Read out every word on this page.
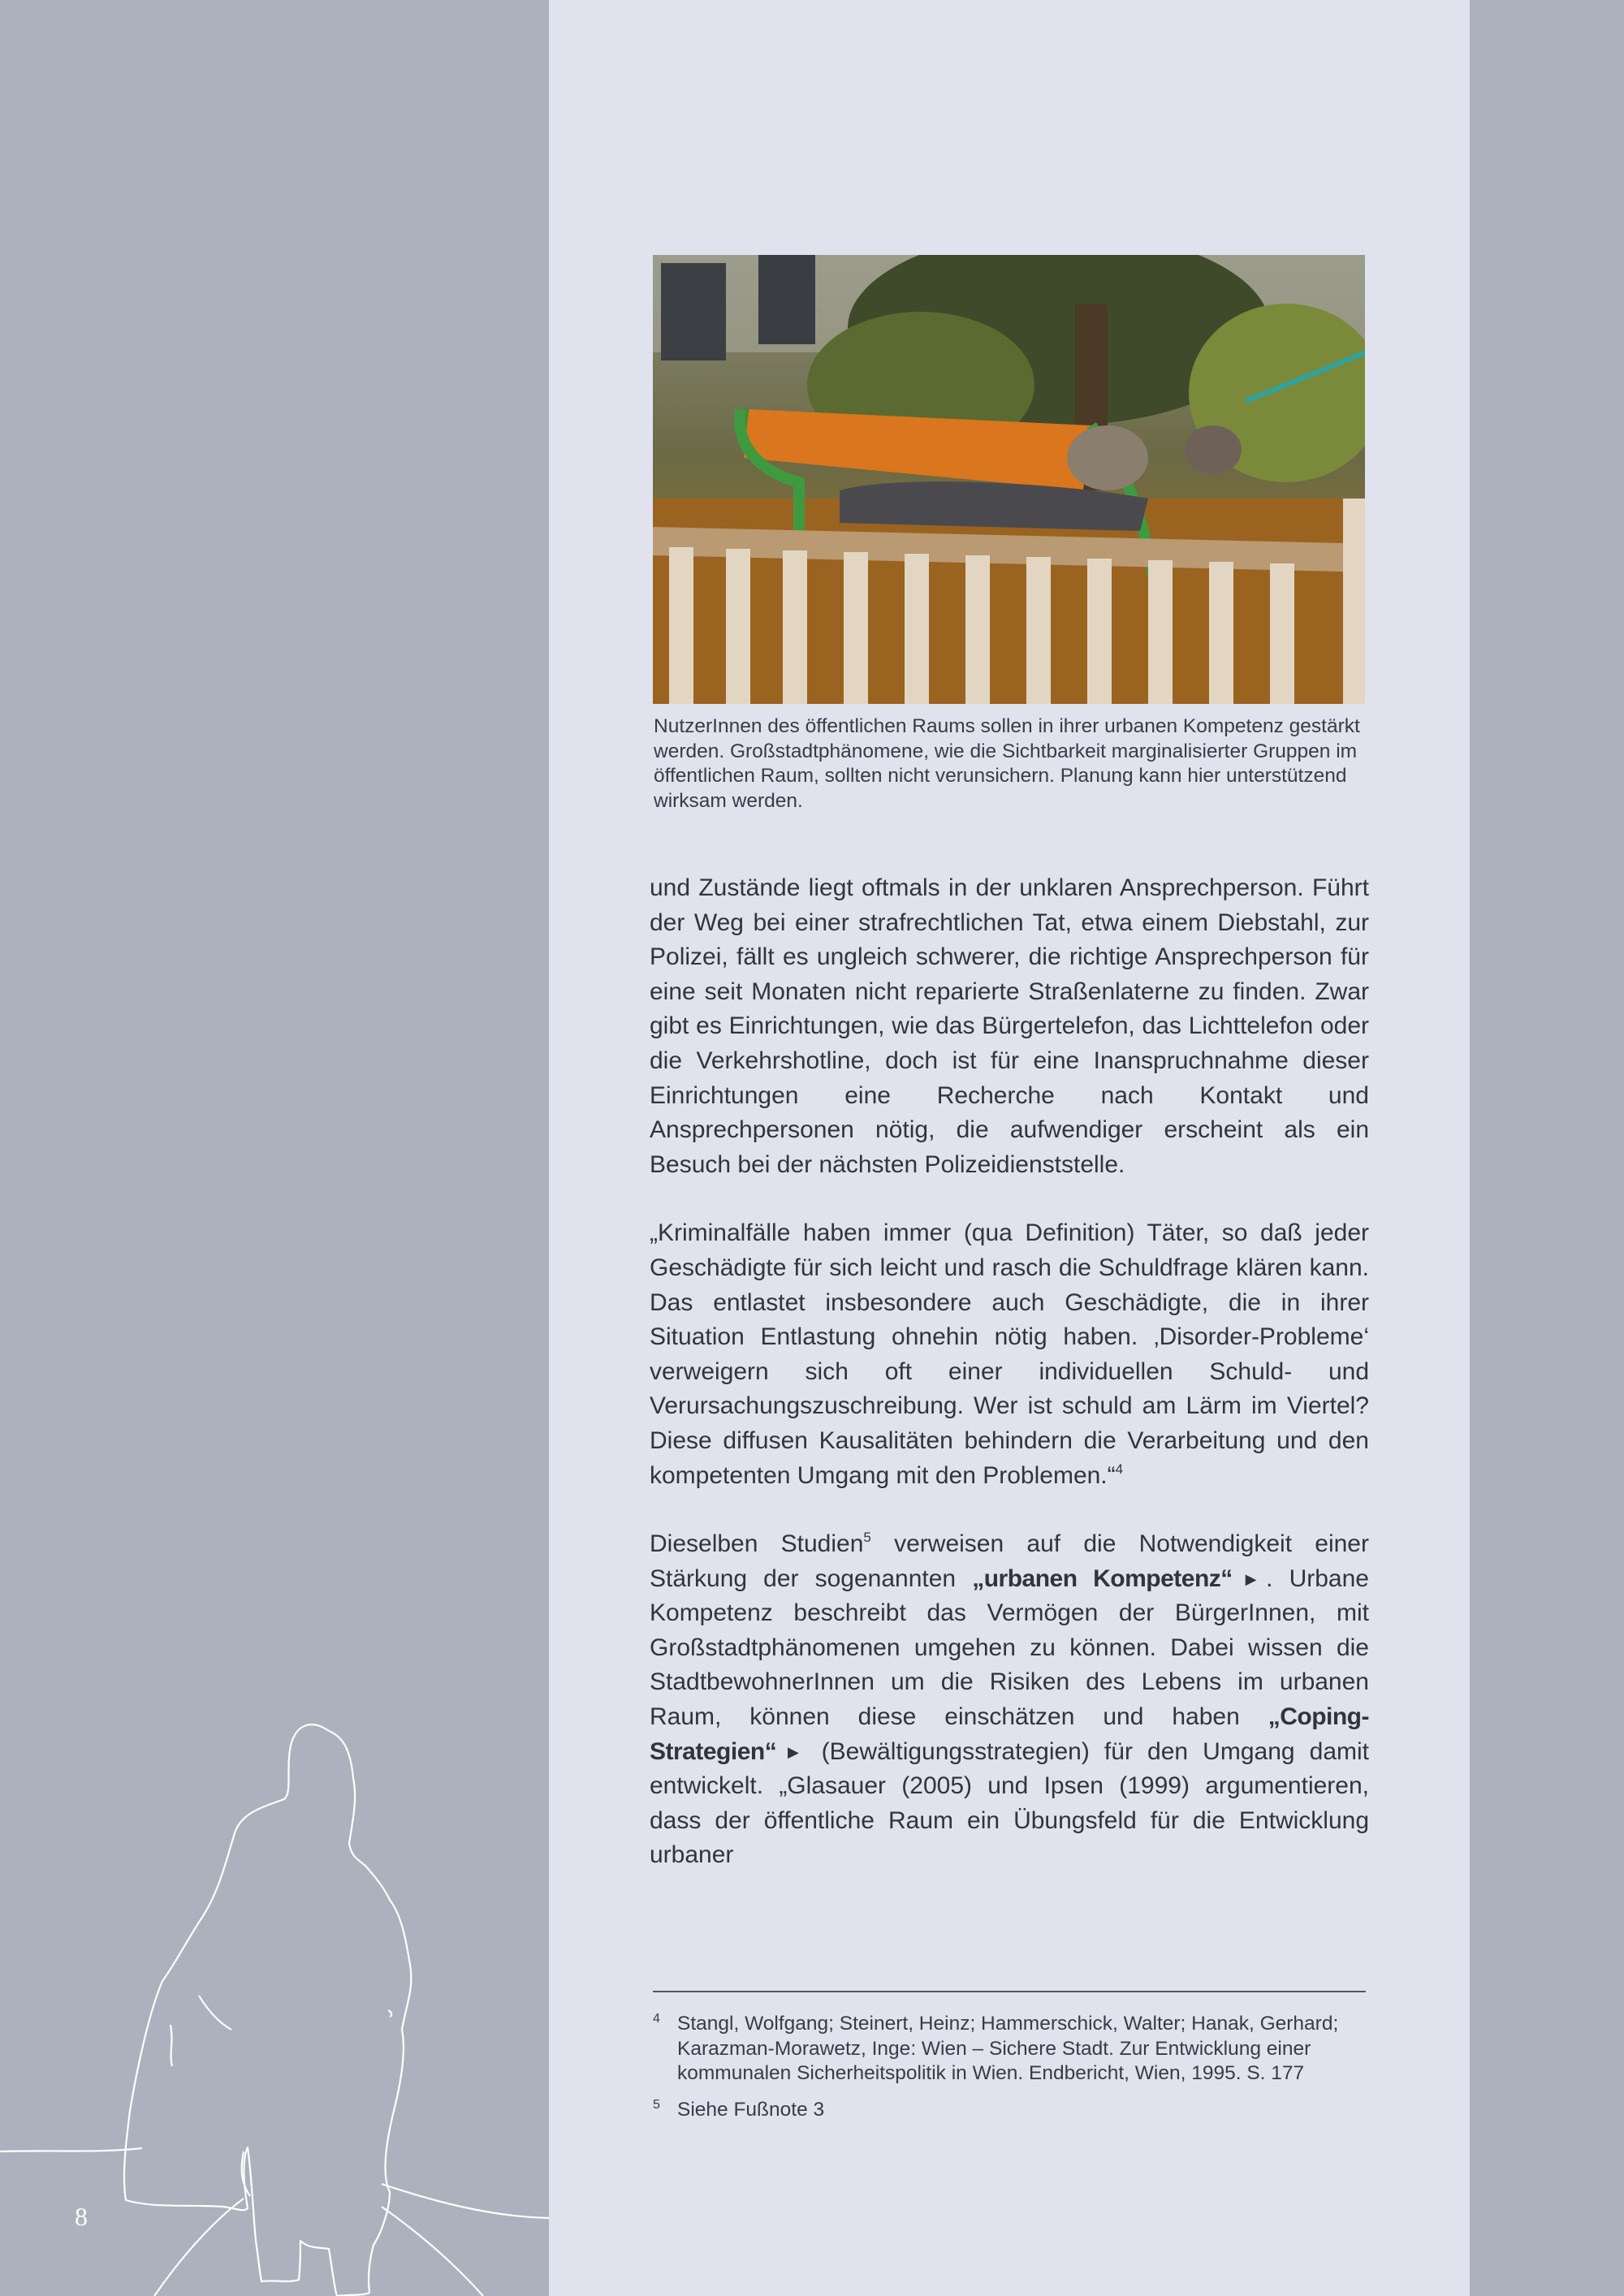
8

NutzerInnen des öffentlichen Raums sollen in ihrer urbanen Kompetenz gestärkt werden. Großstadtphänomene, wie die Sichtbarkeit marginalisierter Gruppen im öffentlichen Raum, sollten nicht verunsichern. Planung kann hier unterstützend wirksam werden.

und Zustände liegt oftmals in der unklaren Ansprechperson. Führt der Weg bei einer strafrechtlichen Tat, etwa einem Diebstahl, zur Polizei, fällt es ungleich schwerer, die richtige Ansprechperson für eine seit Monaten nicht reparierte Straßenlaterne zu finden. Zwar gibt es Einrichtungen, wie das Bürgertelefon, das Lichttelefon oder die Verkehrshotline, doch ist für eine Inanspruchnahme dieser Einrichtungen eine Recherche nach Kontakt und Ansprechpersonen nötig, die aufwendiger erscheint als ein Besuch bei der nächsten Polizeidienststelle.

„Kriminalfälle haben immer (qua Definition) Täter, so daß jeder Geschädigte für sich leicht und rasch die Schuldfrage klären kann. Das entlastet insbesondere auch Geschädigte, die in ihrer Situation Entlastung ohnehin nötig haben. ‚Disorder-Probleme‘ verweigern sich oft einer individuellen Schuld- und Verursachungszuschreibung. Wer ist schuld am Lärm im Viertel? Diese diffusen Kausalitäten behindern die Verarbeitung und den kompetenten Umgang mit den Problemen.“$^4$

Dieselben Studien$^5$ verweisen auf die Notwendigkeit einer Stärkung der sogenannten „urbanen Kompetenz“ ▶. Urbane Kompetenz beschreibt das Vermögen der BürgerInnen, mit Großstadtphänomenen umgehen zu können. Dabei wissen die StadtbewohnerInnen um die Risiken des Lebens im urbanen Raum, können diese einschätzen und haben „Coping-Strategien“ ▶ (Bewältigungsstrategien) für den Umgang damit entwickelt. „Glasauer (2005) und Ipsen (1999) argumentieren, dass der öffentliche Raum ein Übungsfeld für die Entwicklung urbaner

4 Stangl, Wolfgang; Steinert, Heinz; Hammerschick, Walter; Hanak, Gerhard; Karazman-Morawetz, Inge: Wien – Sichere Stadt. Zur Entwicklung einer kommunalen Sicherheitspolitik in Wien. Endbericht, Wien, 1995. S. 177
5 Siehe Fußnote 3
